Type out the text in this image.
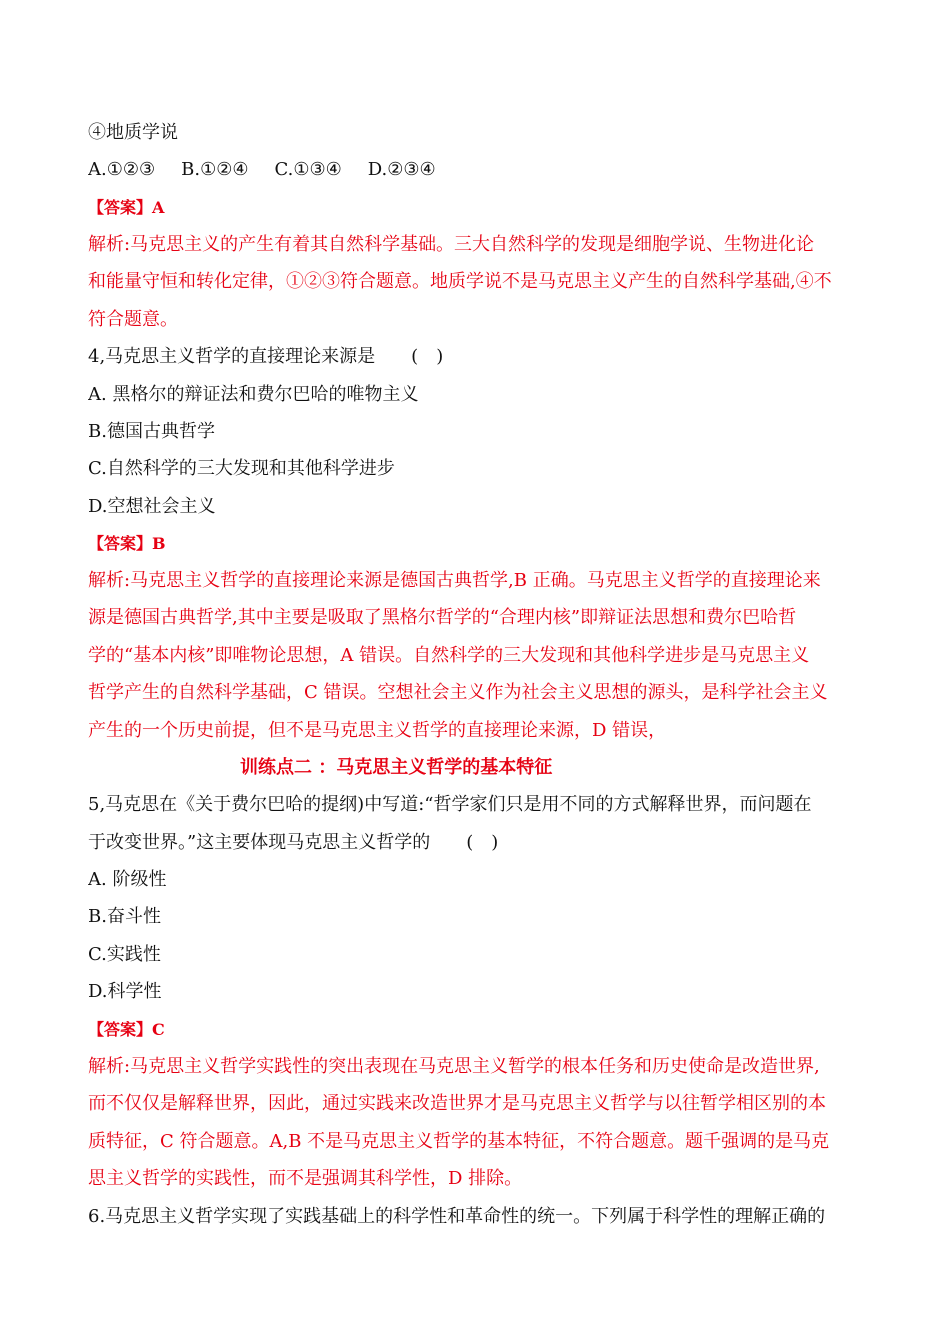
④地质学说
A.①②③ B.①②④ C.①③④ D.②③④
【答案】A
解析:马克思主义的产生有着其自然科学基础。三大自然科学的发现是细胞学说、生物进化论
和能量守恒和转化定律，①②③符合题意。地质学说不是马克思主义产生的自然科学基础,④不
符合题意。
4,马克思主义哲学的直接理论来源是　　(　)
A. 黑格尔的辩证法和费尔巴哈的唯物主义
B.德国古典哲学
C.自然科学的三大发现和其他科学进步
D.空想社会主义
【答案】B
解析:马克思主义哲学的直接理论来源是德国古典哲学,B 正确。马克思主义哲学的直接理论来
源是德国古典哲学,其中主要是吸取了黑格尔哲学的“合理内核”即辩证法思想和费尔巴哈哲
学的“基本内核”即唯物论思想，A 错误。自然科学的三大发现和其他科学进步是马克思主义
哲学产生的自然科学基础，C 错误。空想社会主义作为社会主义思想的源头，是科学社会主义
产生的一个历史前提，但不是马克思主义哲学的直接理论来源，D 错误，
训练点二 ：马克思主义哲学的基本特征
5,马克思在《关于费尔巴哈的提纲)中写道:“哲学家们只是用不同的方式解释世界，而问题在
于改变世界。”这主要体现马克思主义哲学的　　(　)
A. 阶级性
B.奋斗性
C.实践性
D.科学性
【答案】C
解析:马克思主义哲学实践性的突出表现在马克思主义暂学的根本任务和历史使命是改造世界,
而不仅仅是解释世界，因此，通过实践来改造世界才是马克思主义哲学与以往暂学相区别的本
质特征，C 符合题意。A,B 不是马克思主义哲学的基本特征，不符合题意。题千强调的是马克
思主义哲学的实践性，而不是强调其科学性，D 排除。
6.马克思主义哲学实现了实践基础上的科学性和革命性的统一。下列属于科学性的理解正确的
